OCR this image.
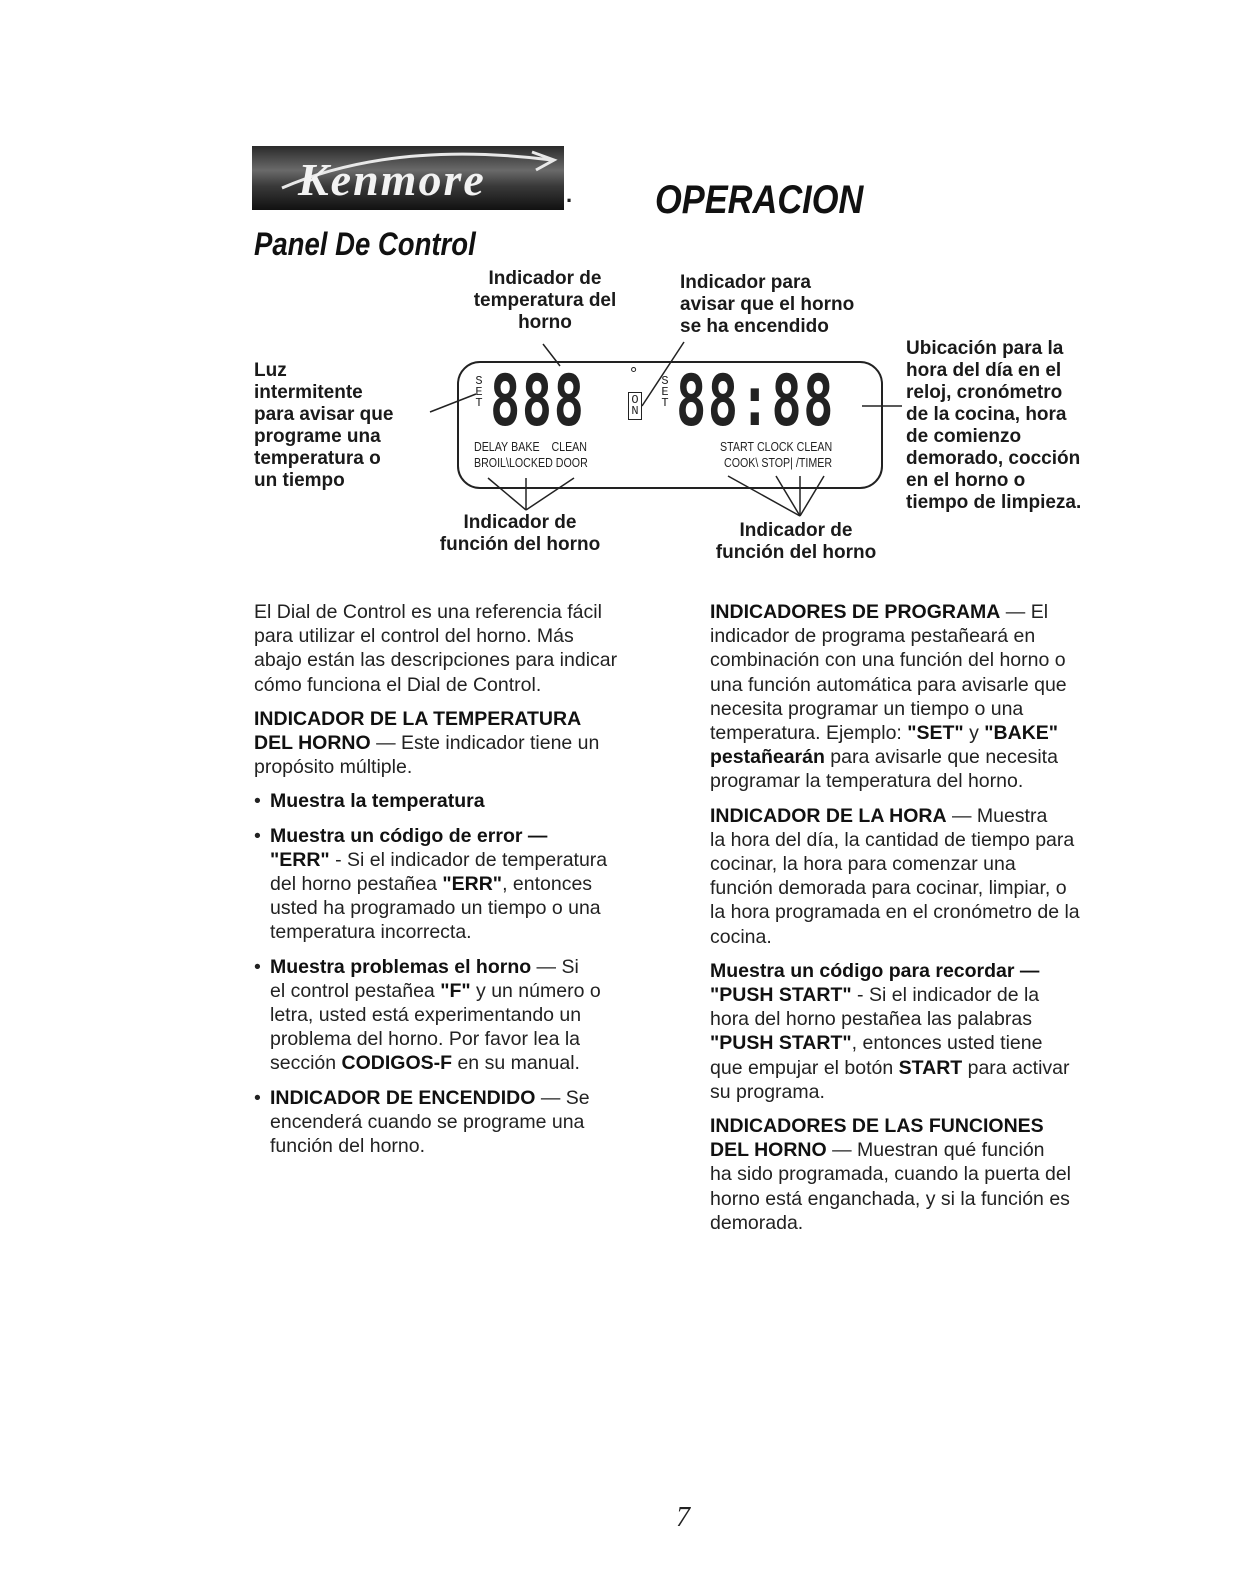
Kenmore	. OPERACION
Panel De Control
Indicador de
temperatura del
horno
Indicador para
avisar que el horno
se ha encendido
Luz
intermitente
para avisar que
programe una
temperatura o
un tiempo
Ubicación para la
hora del día en el
reloj, cronómetro
de la cocina, hora
de comienzo
demorado, cocción
en el horno o
tiempo de limpieza.
Indicador de
función del horno
Indicador de
función del horno
S
E
T 888 °
O
N
S
E
T 88:88
DELAY BAKE CLEAN
BROIL\LOCKED DOOR
START CLOCK CLEAN
COOK\ STOP| /TIMER

El Dial de Control es una referencia fácil
para utilizar el control del horno. Más
abajo están las descripciones para indicar
cómo funciona el Dial de Control.

INDICADOR DE LA TEMPERATURA
DEL HORNO — Este indicador tiene un
propósito múltiple.

• Muestra la temperatura
• Muestra un código de error —
"ERR" - Si el indicador de temperatura
del horno pestañea "ERR", entonces
usted ha programado un tiempo o una
temperatura incorrecta.
• Muestra problemas el horno — Si
el control pestañea "F" y un número o
letra, usted está experimentando un
problema del horno. Por favor lea la
sección CODIGOS-F en su manual.
• INDICADOR DE ENCENDIDO — Se
encenderá cuando se programe una
función del horno.

INDICADORES DE PROGRAMA — El
indicador de programa pestañeará en
combinación con una función del horno o
una función automática para avisarle que
necesita programar un tiempo o una
temperatura. Ejemplo: "SET" y "BAKE"
pestañearán para avisarle que necesita
programar la temperatura del horno.

INDICADOR DE LA HORA — Muestra
la hora del día, la cantidad de tiempo para
cocinar, la hora para comenzar una
función demorada para cocinar, limpiar, o
la hora programada en el cronómetro de la
cocina.

Muestra un código para recordar —
"PUSH START" - Si el indicador de la
hora del horno pestañea las palabras
"PUSH START", entonces usted tiene
que empujar el botón START para activar
su programa.

INDICADORES DE LAS FUNCIONES
DEL HORNO — Muestran qué función
ha sido programada, cuando la puerta del
horno está enganchada, y si la función es
demorada.

7
